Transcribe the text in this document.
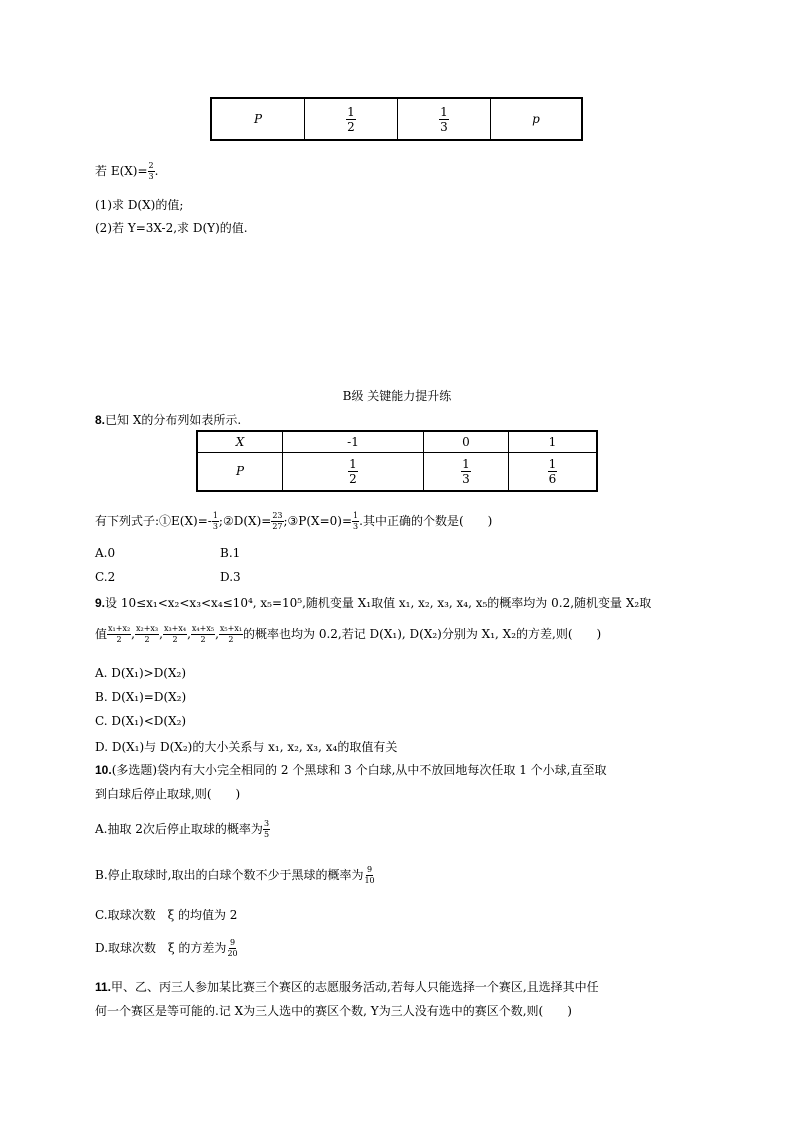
P	$\frac{1}{2}$	$\frac{1}{3}$	p
若 $E(X)= \frac{2}{3}$ .
(1)求 D(X)的值;
(2)若 Y=3X-2,求 D(Y)的值.
B级 关键能力提升练
8.已知 X的分布列如表所示.
X	-1	0	1
P	$\frac{1}{2}$	$\frac{1}{3}$	$\frac{1}{6}$
有下列式子:①E(X)=- $\frac{1}{3}$ ;②D(X)= $\frac{23}{27}$ ;③P(X=0)= $\frac{1}{3}$ .其中正确的个数是(　　)
A.0	B.1
C.2	D.3
9.设 10≤x₁<x₂<x₃<x₄≤10⁴, x₅=10⁵,随机变量 X₁取值 x₁, x₂, x₃, x₄, x₅的概率均为 0.2,随机变量 X₂取
值 $\frac{\text{x₁+x₂}}{2}$ , $\frac{\text{x₂+x₃}}{2}$ , $\frac{\text{x₃+x₄}}{2}$ , $\frac{\text{x₄+x₅}}{2}$ , $\frac{\text{x₅+x₁}}{2}$ 的概率也均为 0.2,若记 D(X₁), D(X₂)分别为 X₁, X₂的方差,则(　　)
A. D(X₁)>D(X₂)
B. D(X₁)=D(X₂)
C. D(X₁)<D(X₂)
D. D(X₁)与 D(X₂)的大小关系与 x₁, x₂, x₃, x₄的取值有关
10.(多选题)袋内有大小完全相同的 2 个黑球和 3 个白球,从中不放回地每次任取 1 个小球,直至取
到白球后停止取球,则(　　)
A.抽取 2次后停止取球的概率为 $\frac{3}{5}$
B.停止取球时,取出的白球个数不少于黑球的概率为 $\frac{9}{10}$
C.取球次数　ξ 的均值为 2
D.取球次数　ξ 的方差为 $\frac{9}{20}$
11.甲、乙、丙三人参加某比赛三个赛区的志愿服务活动,若每人只能选择一个赛区,且选择其中任
何一个赛区是等可能的.记 X为三人选中的赛区个数, Y为三人没有选中的赛区个数,则(　　)
